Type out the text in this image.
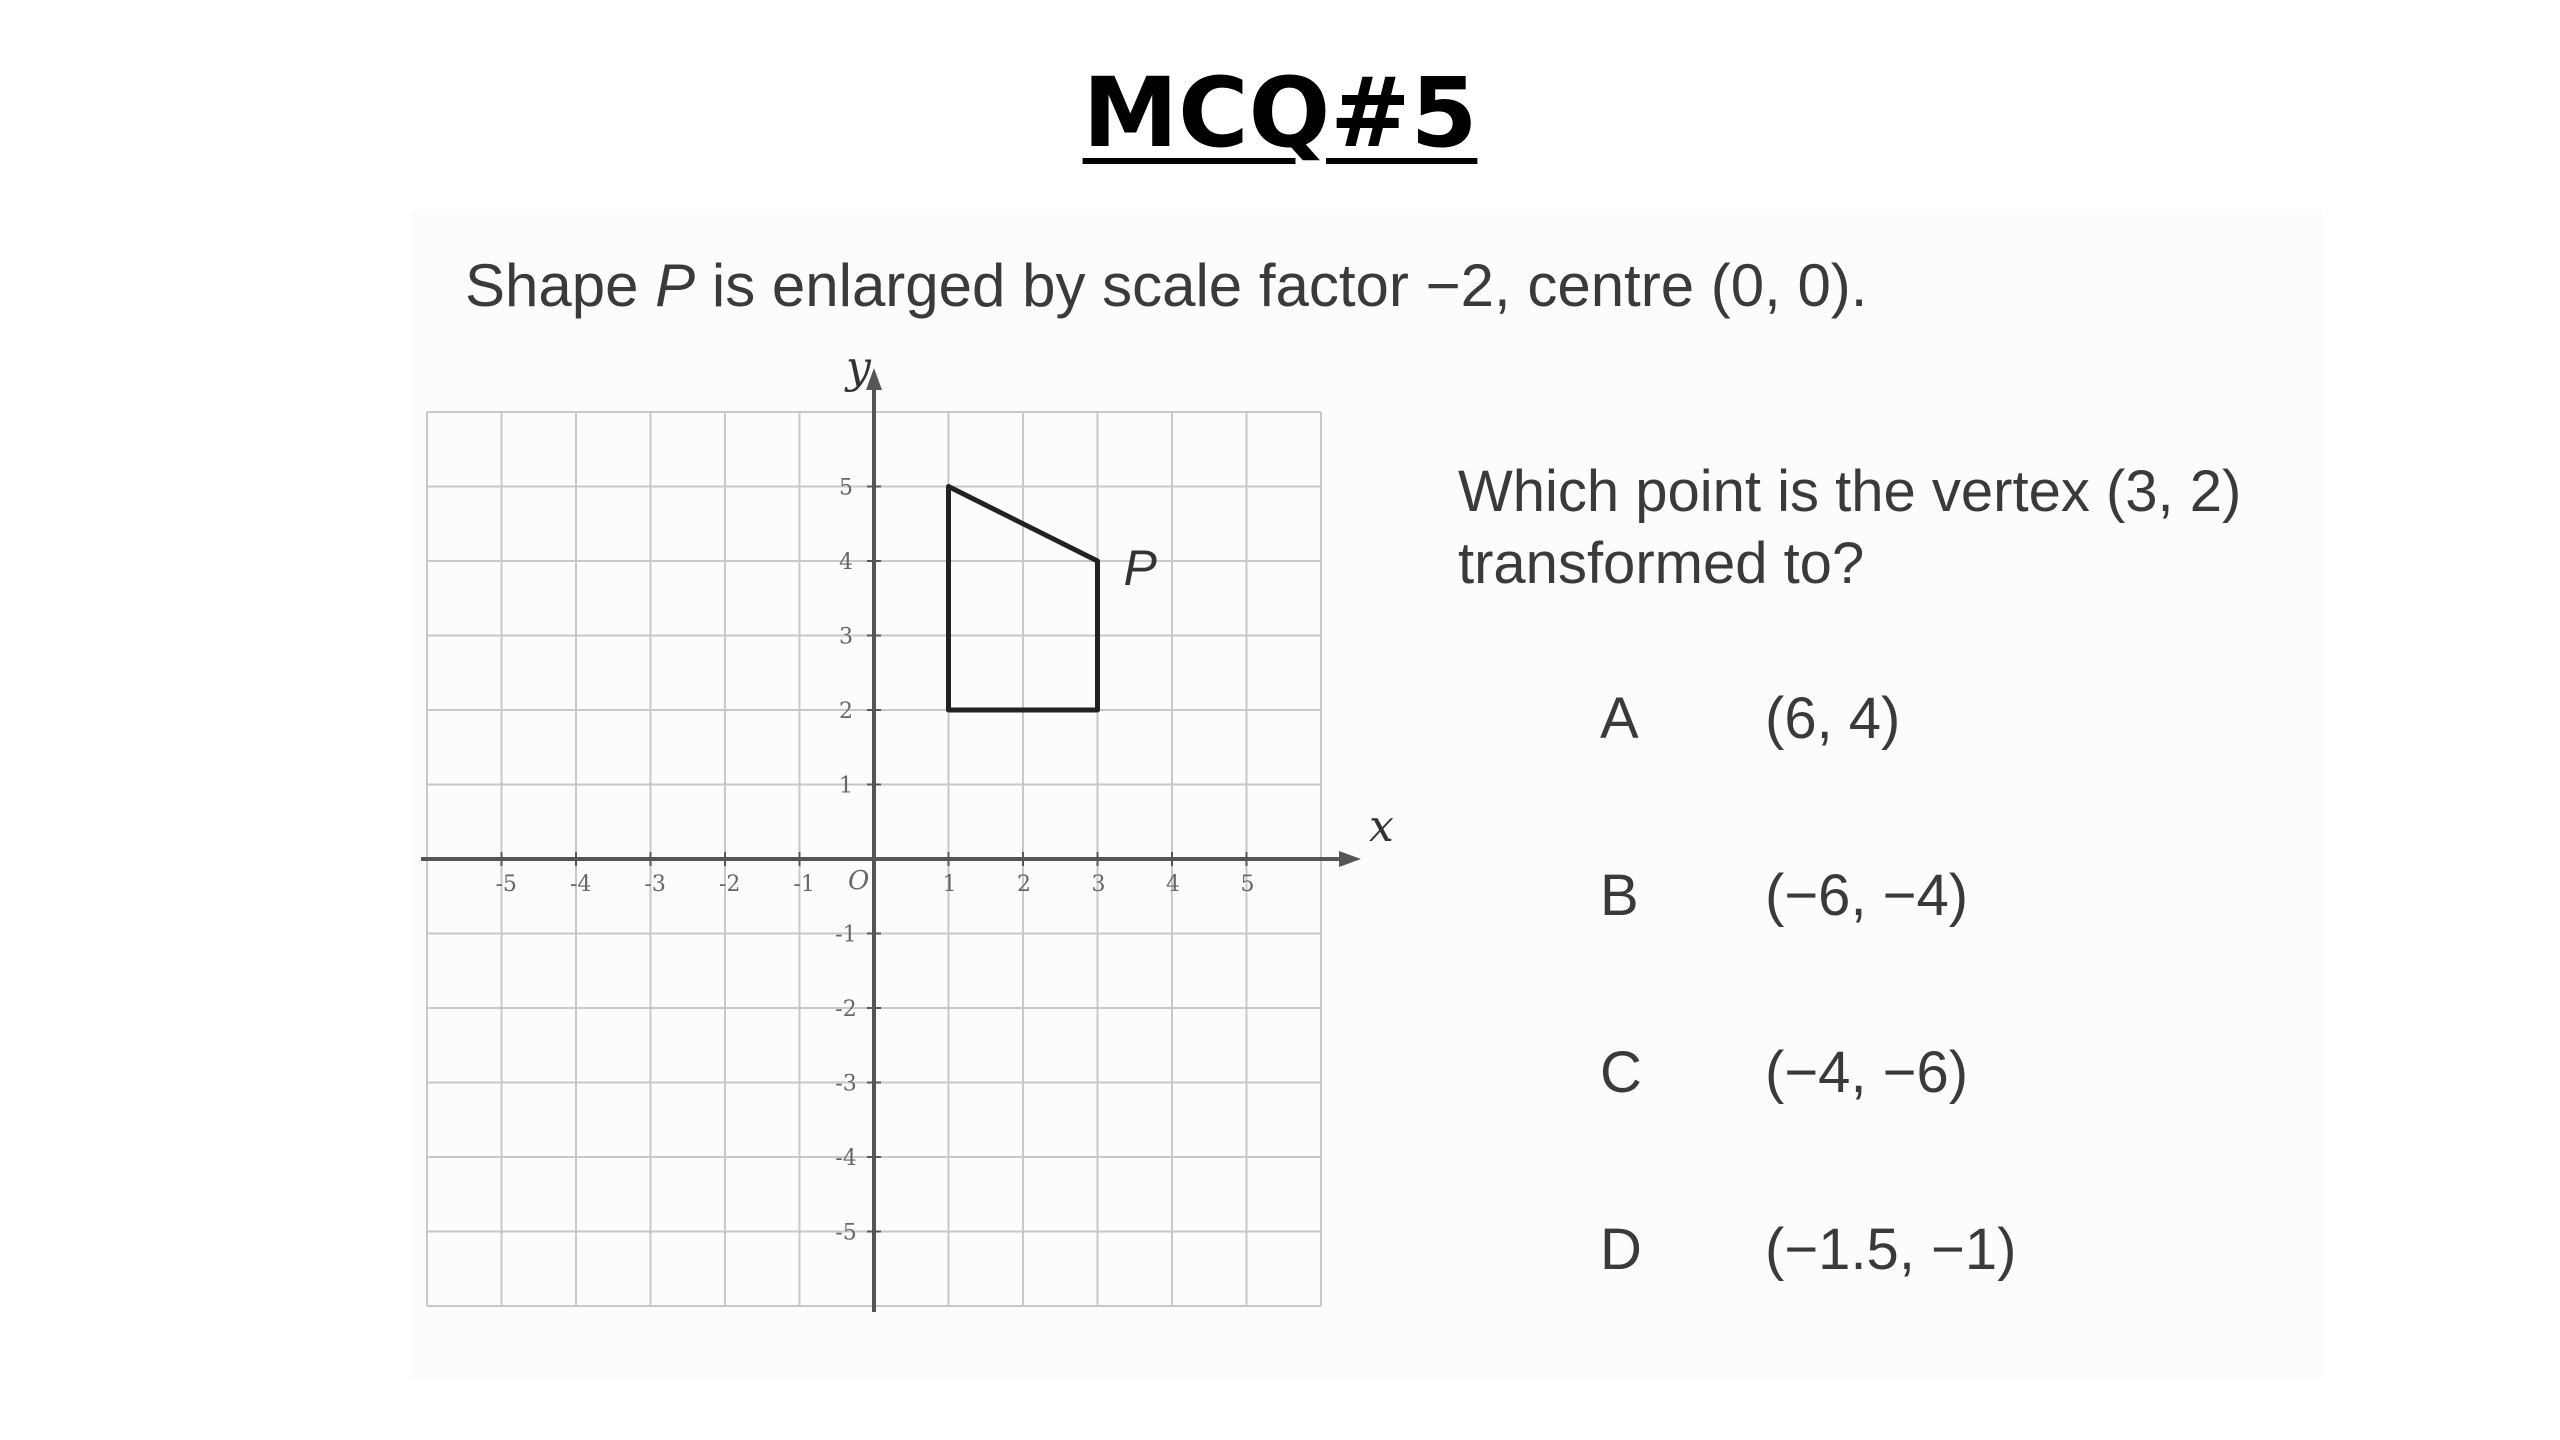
MCQ#5
Shape P is enlarged by scale factor −2, centre (0, 0).
x
y
O
-5 -4 -3 -2 -1	1	2	3	4	5
5
4
3
2
1
-1
-2
-3
-4
-5
P
Which point is the vertex (3, 2) transformed to?
A	(6, 4)
B	(−6, −4)
C	(−4, −6)
D	(−1.5, −1)
